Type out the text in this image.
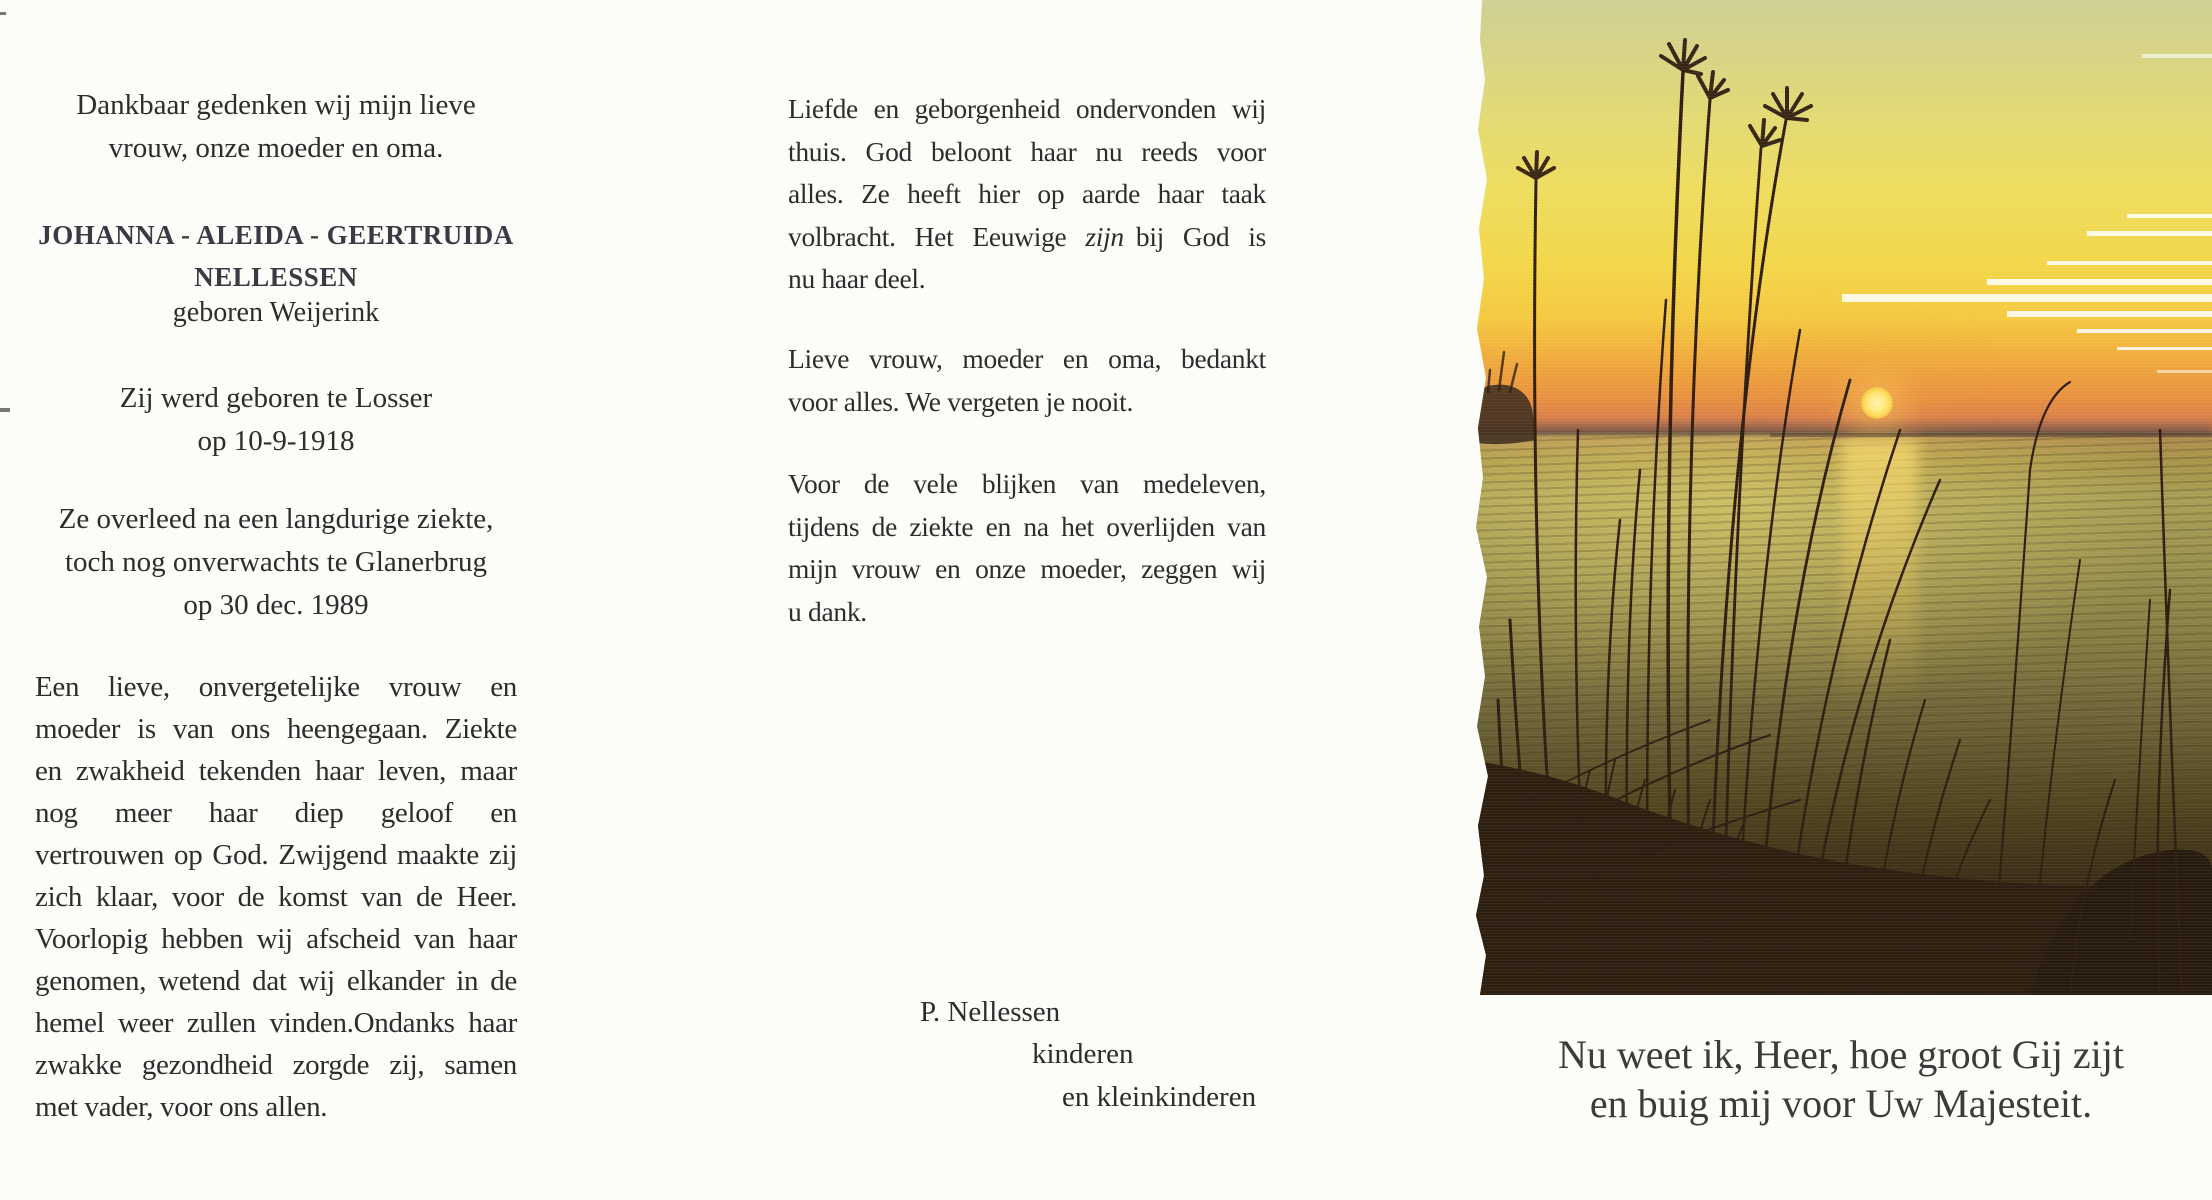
Dankbaar gedenken wij mijn lieve
vrouw, onze moeder en oma.
JOHANNA - ALEIDA - GEERTRUIDA
NELLESSEN
geboren Weijerink
Zij werd geboren te Losser
op 10-9-1918
Ze overleed na een langdurige ziekte,
toch nog onverwachts te Glanerbrug
op 30 dec. 1989
Een lieve, onvergetelijke vrouw en
moeder is van ons heengegaan. Ziekte
en zwakheid tekenden haar leven, maar
nog meer haar diep geloof en
vertrouwen op God. Zwijgend maakte zij
zich klaar, voor de komst van de Heer.
Voorlopig hebben wij afscheid van haar
genomen, wetend dat wij elkander in de
hemel weer zullen vinden.Ondanks haar
zwakke gezondheid zorgde zij, samen
met vader, voor ons allen.
Liefde en geborgenheid ondervonden wij
thuis. God beloont haar nu reeds voor
alles. Ze heeft hier op aarde haar taak
volbracht. Het Eeuwige zijn bij God is
nu haar deel.
Lieve vrouw, moeder en oma, bedankt
voor alles. We vergeten je nooit.
Voor de vele blijken van medeleven,
tijdens de ziekte en na het overlijden van
mijn vrouw en onze moeder, zeggen wij
u dank.
P. Nellessen
kinderen
en kleinkinderen
Nu weet ik, Heer, hoe groot Gij zijt
en buig mij voor Uw Majesteit.
